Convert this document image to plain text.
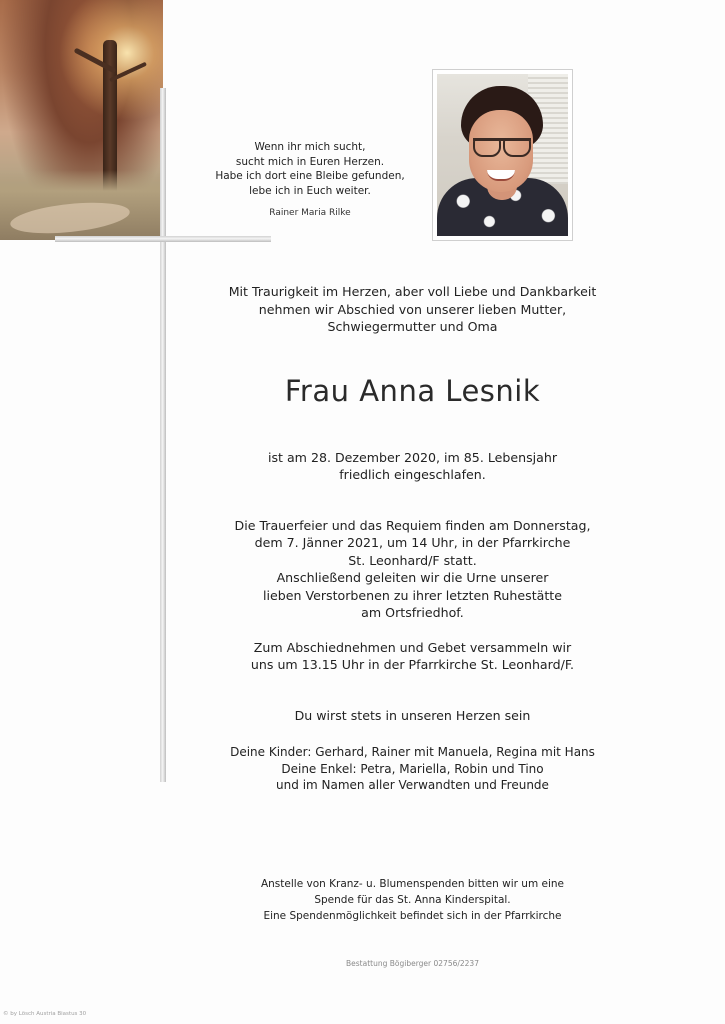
Wenn ihr mich sucht,
sucht mich in Euren Herzen.
Habe ich dort eine Bleibe gefunden,
lebe ich in Euch weiter.
Rainer Maria Rilke
Mit Traurigkeit im Herzen, aber voll Liebe und Dankbarkeit
nehmen wir Abschied von unserer lieben Mutter,
Schwiegermutter und Oma
Frau Anna Lesnik
ist am 28. Dezember 2020, im 85. Lebensjahr
friedlich eingeschlafen.
Die Trauerfeier und das Requiem finden am Donnerstag,
dem 7. Jänner 2021, um 14 Uhr, in der Pfarrkirche
St. Leonhard/F statt.
Anschließend geleiten wir die Urne unserer
lieben Verstorbenen zu ihrer letzten Ruhestätte
am Ortsfriedhof.
Zum Abschiednehmen und Gebet versammeln wir
uns um 13.15 Uhr in der Pfarrkirche St. Leonhard/F.
Du wirst stets in unseren Herzen sein
Deine Kinder: Gerhard, Rainer mit Manuela, Regina mit Hans
Deine Enkel: Petra, Mariella, Robin und Tino
und im Namen aller Verwandten und Freunde
Anstelle von Kranz- u. Blumenspenden bitten wir um eine
Spende für das St. Anna Kinderspital.
Eine Spendenmöglichkeit befindet sich in der Pfarrkirche
Bestattung Bögiberger 02756/2237
© by Lösch Austria Biastus 30
